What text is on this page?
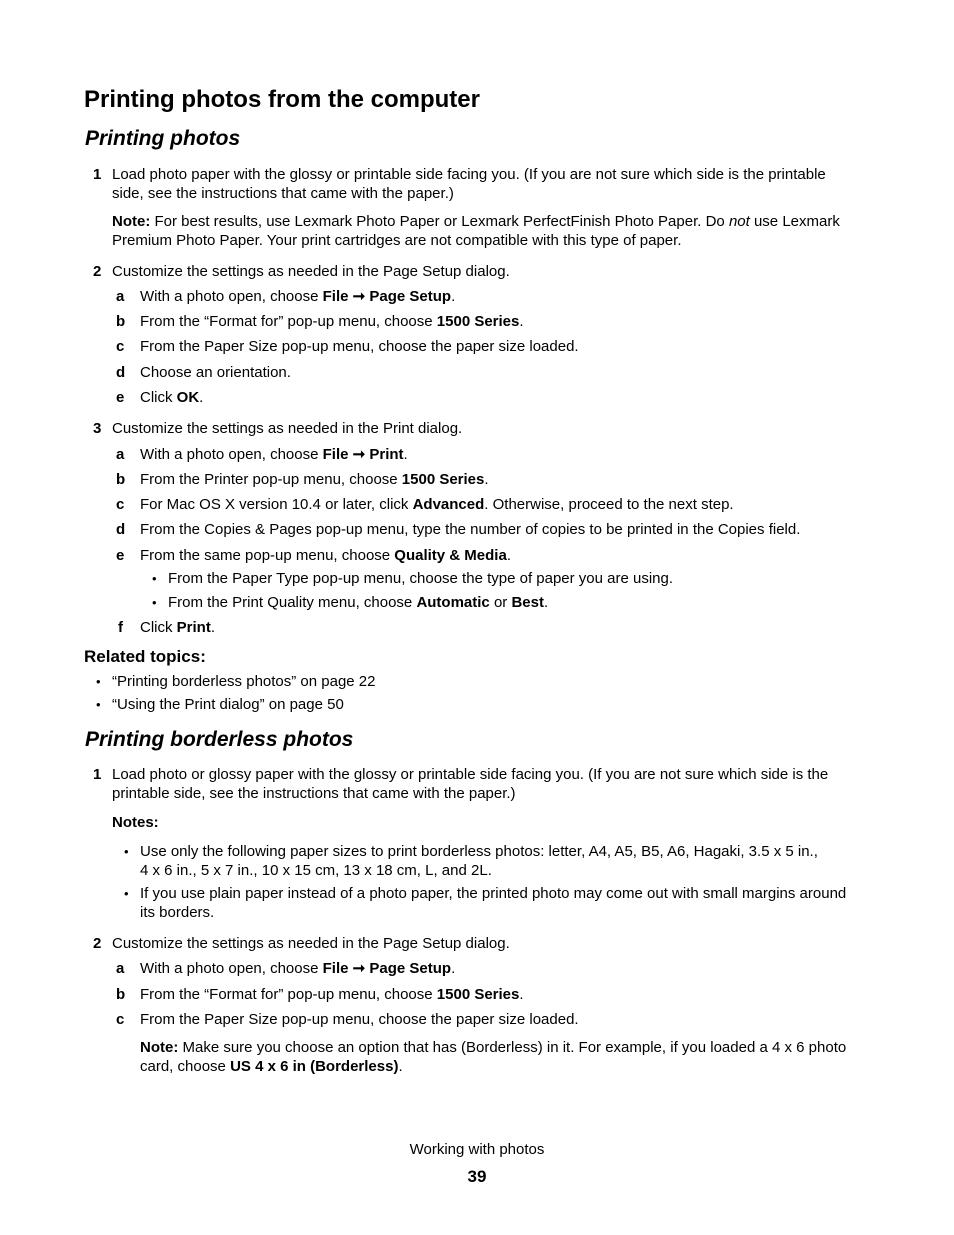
Printing photos from the computer
Printing photos
1 Load photo paper with the glossy or printable side facing you. (If you are not sure which side is the printable
side, see the instructions that came with the paper.)
Note: For best results, use Lexmark Photo Paper or Lexmark PerfectFinish Photo Paper. Do not use Lexmark
Premium Photo Paper. Your print cartridges are not compatible with this type of paper.
2 Customize the settings as needed in the Page Setup dialog.
a With a photo open, choose File ➞ Page Setup.
b From the “Format for” pop-up menu, choose 1500 Series.
c From the Paper Size pop-up menu, choose the paper size loaded.
d Choose an orientation.
e Click OK.
3 Customize the settings as needed in the Print dialog.
a With a photo open, choose File ➞ Print.
b From the Printer pop-up menu, choose 1500 Series.
c For Mac OS X version 10.4 or later, click Advanced. Otherwise, proceed to the next step.
d From the Copies & Pages pop-up menu, type the number of copies to be printed in the Copies field.
e From the same pop-up menu, choose Quality & Media.
• From the Paper Type pop-up menu, choose the type of paper you are using.
• From the Print Quality menu, choose Automatic or Best.
f Click Print.
Related topics:
• “Printing borderless photos” on page 22
• “Using the Print dialog” on page 50
Printing borderless photos
1 Load photo or glossy paper with the glossy or printable side facing you. (If you are not sure which side is the
printable side, see the instructions that came with the paper.)
Notes:
• Use only the following paper sizes to print borderless photos: letter, A4, A5, B5, A6, Hagaki, 3.5 x 5 in.,
4 x 6 in., 5 x 7 in., 10 x 15 cm, 13 x 18 cm, L, and 2L.
• If you use plain paper instead of a photo paper, the printed photo may come out with small margins around
its borders.
2 Customize the settings as needed in the Page Setup dialog.
a With a photo open, choose File ➞ Page Setup.
b From the “Format for” pop-up menu, choose 1500 Series.
c From the Paper Size pop-up menu, choose the paper size loaded.
Note: Make sure you choose an option that has (Borderless) in it. For example, if you loaded a 4 x 6 photo
card, choose US 4 x 6 in (Borderless).
Working with photos
39
